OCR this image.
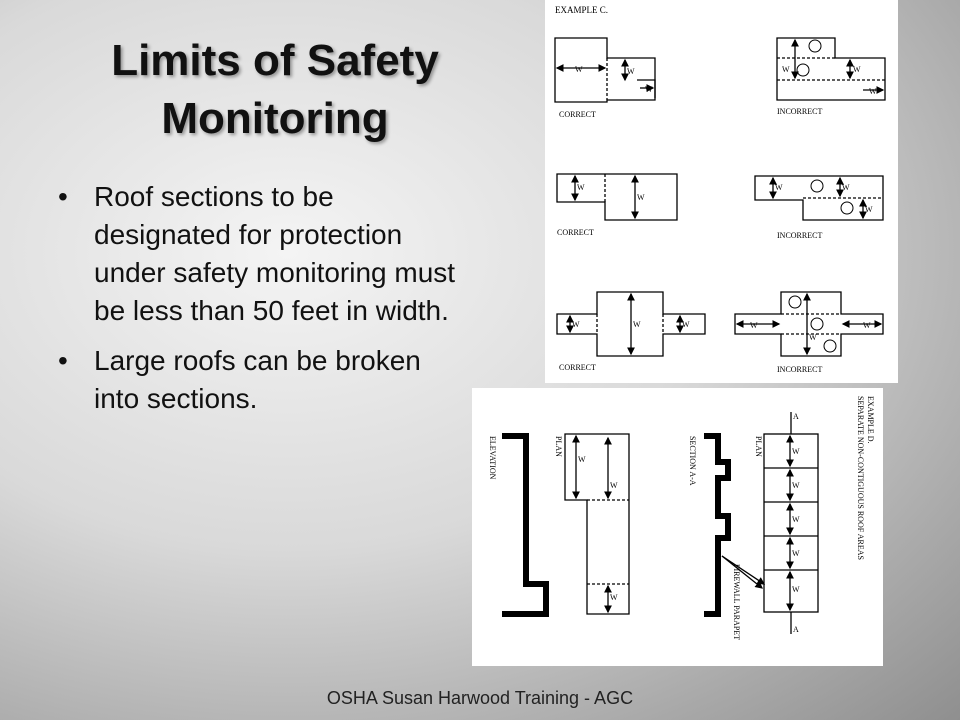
Limits of Safety
Monitoring
• Roof sections to be designated for protection under safety monitoring must be less than 50 feet in width.
• Large roofs can be broken into sections.
EXAMPLE C.
W	W
W
CORRECT
W	W
W
INCORRECT
W
W
CORRECT
W	W
W
INCORRECT
W	W	W
CORRECT
W
W
W
INCORRECT
ELEVATION	PLAN
W
W
W
SECTION A-A	PLAN
A
A
W
W
W
W
W
FIREWALL PARAPET
EXAMPLE D.
SEPARATE NON-CONTIGUOUS ROOF AREAS
OSHA Susan Harwood Training - AGC
